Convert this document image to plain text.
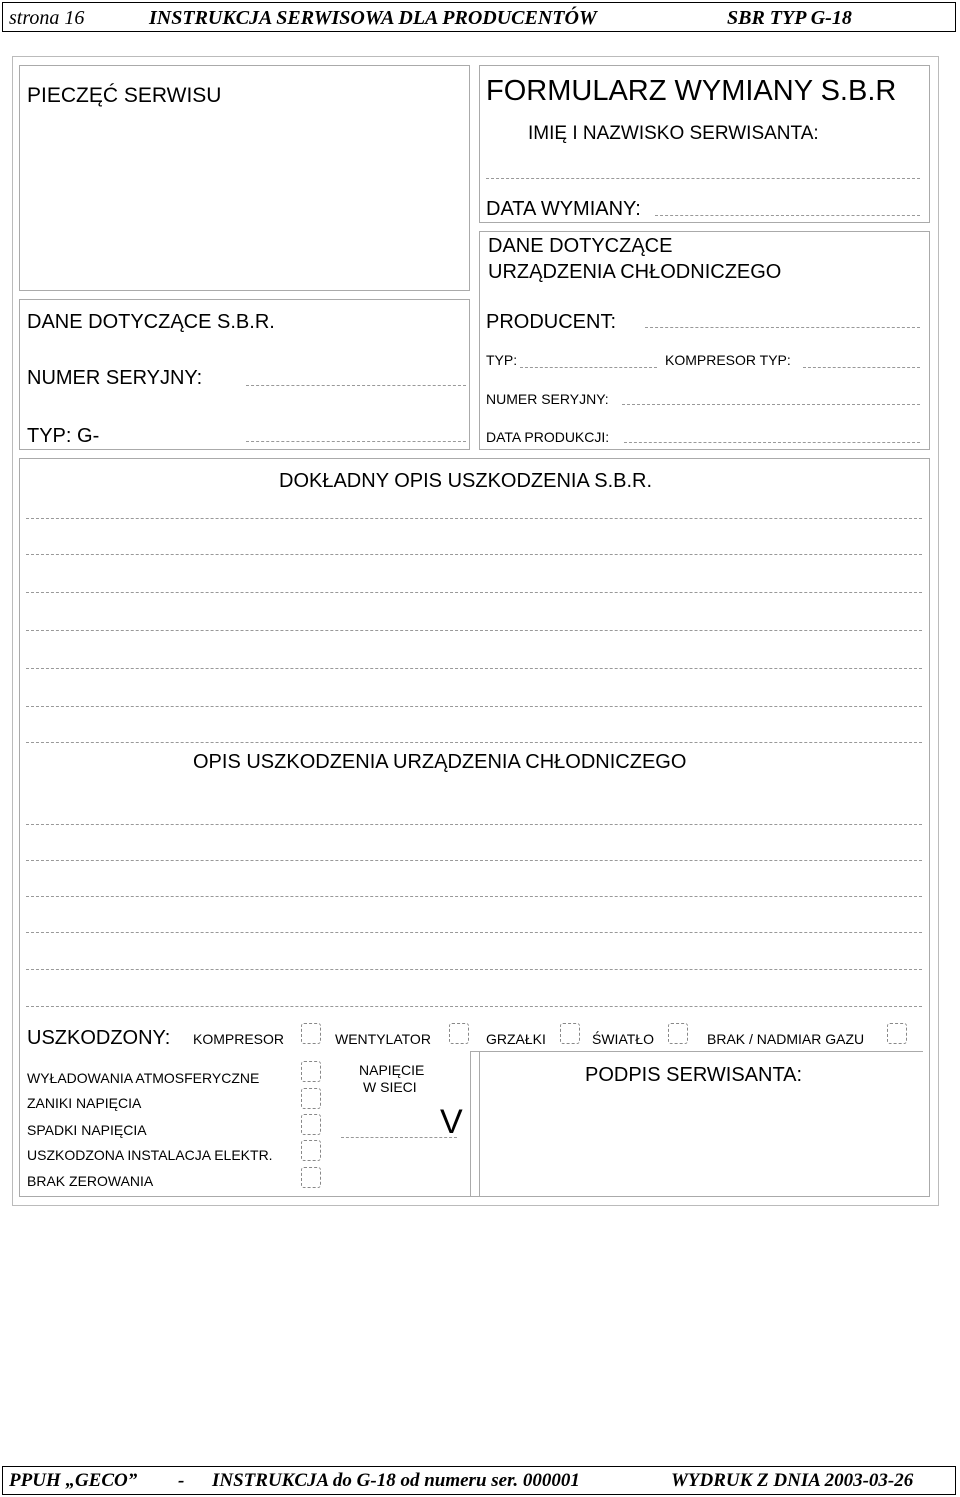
strona 16	INSTRUKCJA SERWISOWA DLA PRODUCENTÓW	SBR TYP G-18
PIECZĘĆ SERWISU	FORMULARZ WYMIANY S.B.R
IMIĘ I NAZWISKO SERWISANTA:
DATA WYMIANY:
DANE DOTYCZĄCE S.B.R.
NUMER SERYJNY:
TYP: G-
DANE DOTYCZĄCE
URZĄDZENIA CHŁODNICZEGO
PRODUCENT:
TYP:	KOMPRESOR TYP:
NUMER SERYJNY:
DATA PRODUKCJI:
DOKŁADNY OPIS USZKODZENIA S.B.R.
OPIS USZKODZENIA URZĄDZENIA CHŁODNICZEGO
USZKODZONY: KOMPRESOR	WENTYLATOR	GRZAŁKI	ŚWIATŁO	BRAK / NADMIAR GAZU
WYŁADOWANIA ATMOSFERYCZNE
ZANIKI NAPIĘCIA
SPADKI NAPIĘCIA
USZKODZONA INSTALACJA ELEKTR.
BRAK ZEROWANIA
NAPIĘCIE
W SIECI
V
PODPIS SERWISANTA:
PPUH „GECO” - INSTRUKCJA do G-18 od numeru ser. 000001	WYDRUK Z DNIA 2003-03-26
